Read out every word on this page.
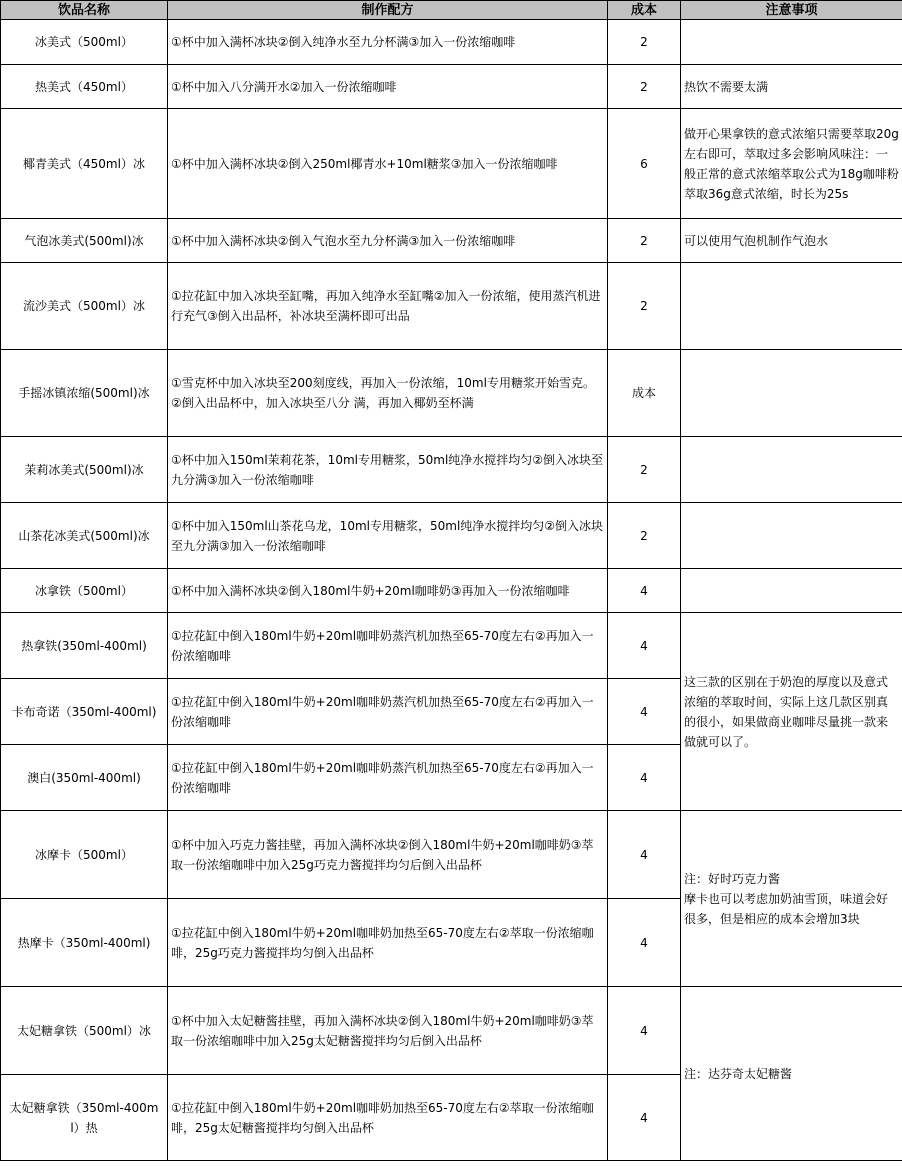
饮品名称	制作配方	成本	注意事项
冰美式（500ml）	①杯中加入满杯冰块②倒入纯净水至九分杯满③加入一份浓缩咖啡	2	
热美式（450ml）	①杯中加入八分满开水②加入一份浓缩咖啡	2	热饮不需要太满
椰青美式（450ml）冰	①杯中加入满杯冰块②倒入250ml椰青水+10ml糖浆③加入一份浓缩咖啡	6	做开心果拿铁的意式浓缩只需要萃取20g左右即可，萃取过多会影响风味注：一般正常的意式浓缩萃取公式为18g咖啡粉萃取36g意式浓缩，时长为25s
气泡冰美式(500ml)冰	①杯中加入满杯冰块②倒入气泡水至九分杯满③加入一份浓缩咖啡	2	可以使用气泡机制作气泡水
流沙美式（500ml）冰	①拉花缸中加入冰块至缸嘴，再加入纯净水至缸嘴②加入一份浓缩，使用蒸汽机进行充气③倒入出品杯，补冰块至满杯即可出品	2	
手摇冰镇浓缩(500ml)冰	①雪克杯中加入冰块至200刻度线，再加入一份浓缩，10ml专用糖浆开始雪克。②倒入出品杯中，加入冰块至八分 满，再加入椰奶至杯满	成本	
茉莉冰美式(500ml)冰	①杯中加入150ml茉莉花茶，10ml专用糖浆，50ml纯净水搅拌均匀②倒入冰块至九分满③加入一份浓缩咖啡	2	
山茶花冰美式(500ml)冰	①杯中加入150ml山茶花乌龙，10ml专用糖浆，50ml纯净水搅拌均匀②倒入冰块至九分满③加入一份浓缩咖啡	2	
冰拿铁（500ml）	①杯中加入满杯冰块②倒入180ml牛奶+20ml咖啡奶③再加入一份浓缩咖啡	4	
热拿铁(350ml-400ml)	①拉花缸中倒入180ml牛奶+20ml咖啡奶蒸汽机加热至65-70度左右②再加入一份浓缩咖啡	4	这三款的区别在于奶泡的厚度以及意式浓缩的萃取时间，实际上这几款区别真的很小，如果做商业咖啡尽量挑一款来做就可以了。
卡布奇诺（350ml-400ml)	①拉花缸中倒入180ml牛奶+20ml咖啡奶蒸汽机加热至65-70度左右②再加入一份浓缩咖啡	4	
澳白(350ml-400ml)	①拉花缸中倒入180ml牛奶+20ml咖啡奶蒸汽机加热至65-70度左右②再加入一份浓缩咖啡	4	
冰摩卡（500ml）	①杯中加入巧克力酱挂壁，再加入满杯冰块②倒入180ml牛奶+20ml咖啡奶③萃取一份浓缩咖啡中加入25g巧克力酱搅拌均匀后倒入出品杯	4	注：好时巧克力酱
摩卡也可以考虑加奶油雪顶，味道会好很多，但是相应的成本会增加3块

热摩卡（350ml-400ml)	①拉花缸中倒入180ml牛奶+20ml咖啡奶加热至65-70度左右②萃取一份浓缩咖啡，25g巧克力酱搅拌均匀倒入出品杯	4	
太妃糖拿铁（500ml）冰	①杯中加入太妃糖酱挂壁，再加入满杯冰块②倒入180ml牛奶+20ml咖啡奶③萃取一份浓缩咖啡中加入25g太妃糖酱搅拌均匀后倒入出品杯	4	注：达芬奇太妃糖酱
太妃糖拿铁（350ml-400ml）热	①拉花缸中倒入180ml牛奶+20ml咖啡奶加热至65-70度左右②萃取一份浓缩咖啡，25g太妃糖酱搅拌均匀倒入出品杯	4	
